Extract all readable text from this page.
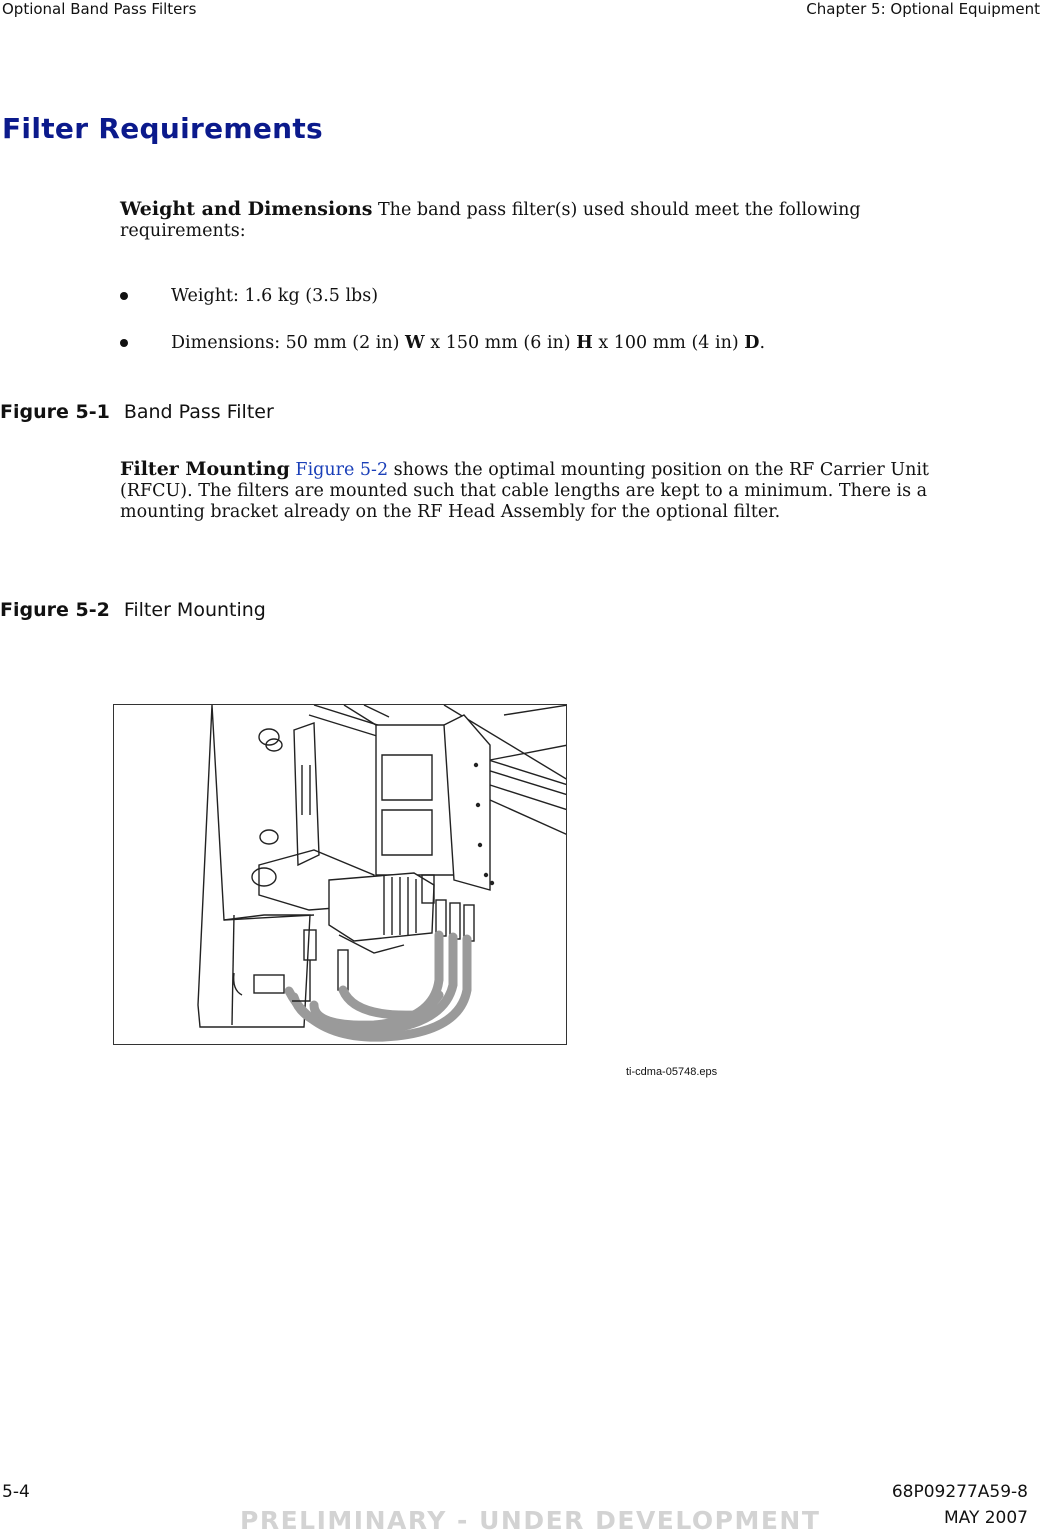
Optional Band Pass Filters	Chapter 5: Optional Equipment
Filter Requirements
Weight and Dimensions The band pass filter(s) used should meet the following
requirements:
Weight: 1.6 kg (3.5 lbs)
Dimensions: 50 mm (2 in) W x 150 mm (6 in) H x 100 mm (4 in) D.
Figure 5-1 Band Pass Filter
Filter Mounting Figure 5-2 shows the optimal mounting position on the RF Carrier Unit
(RFCU). The filters are mounted such that cable lengths are kept to a minimum. There is a
mounting bracket already on the RF Head Assembly for the optional filter.
Figure 5-2 Filter Mounting
ti-cdma-05748.eps
5-4	68P09277A59-8
MAY 2007
PRELIMINARY - UNDER DEVELOPMENT
